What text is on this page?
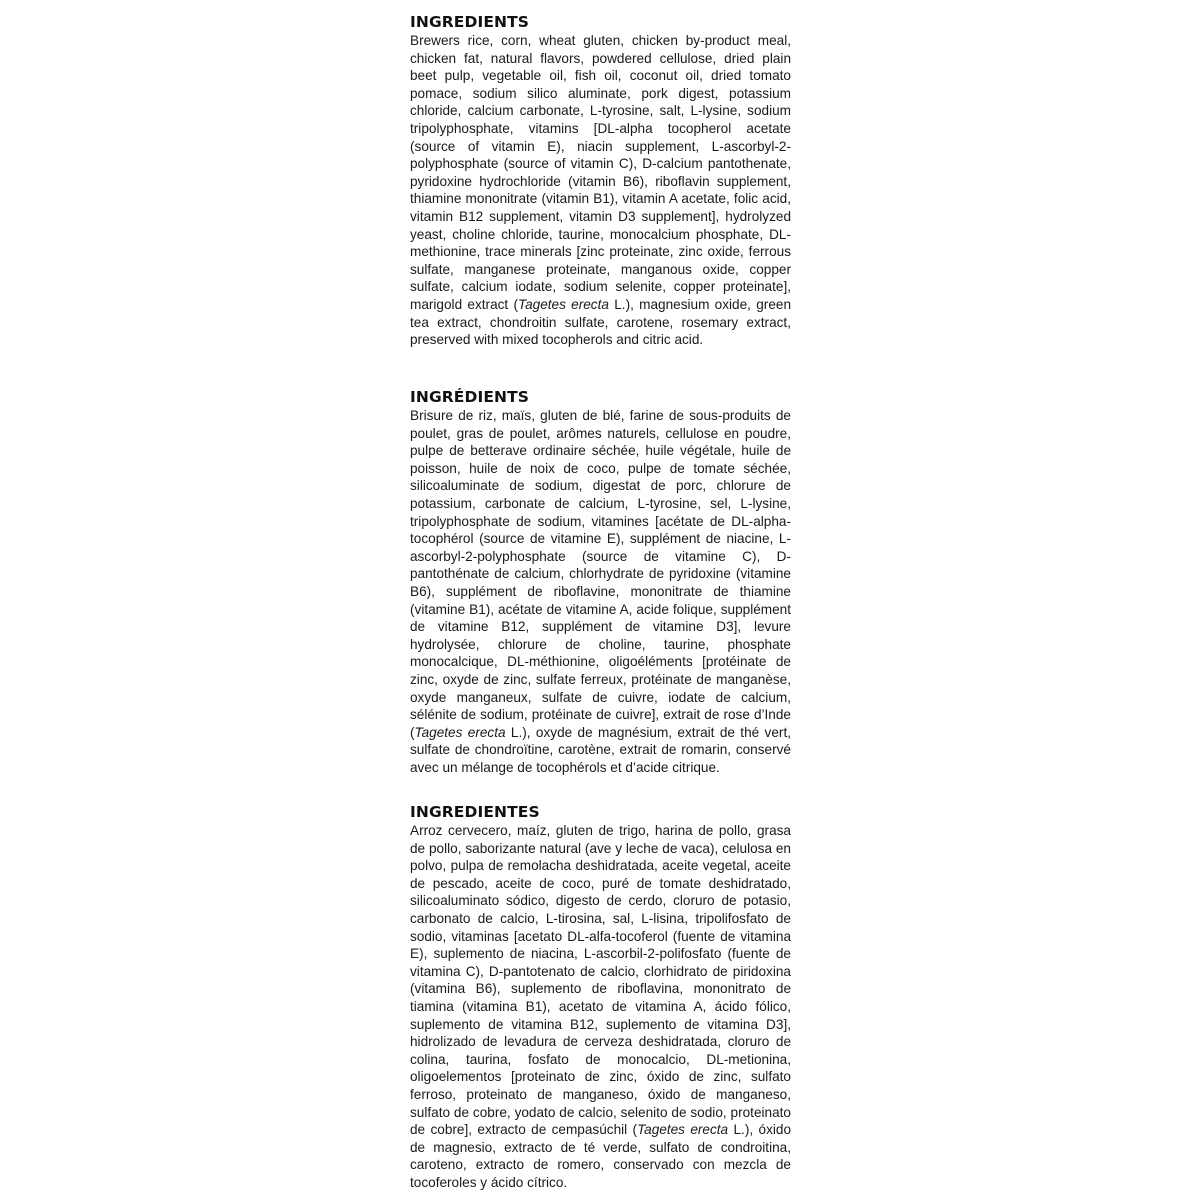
INGREDIENTS

Brewers rice, corn, wheat gluten, chicken by-product meal, chicken fat, natural flavors, powdered cellulose, dried plain beet pulp, vegetable oil, fish oil, coconut oil, dried tomato pomace, sodium silico aluminate, pork digest, potassium chloride, calcium carbonate, L-tyrosine, salt, L-lysine, sodium tripolyphosphate, vitamins [DL-alpha tocopherol acetate (source of vitamin E), niacin supplement, L-ascorbyl-2-polyphosphate (source of vitamin C), D-calcium pantothenate, pyridoxine hydrochloride (vitamin B6), riboflavin supplement, thiamine mononitrate (vitamin B1), vitamin A acetate, folic acid, vitamin B12 supplement, vitamin D3 supplement], hydrolyzed yeast, choline chloride, taurine, monocalcium phosphate, DL-methionine, trace minerals [zinc proteinate, zinc oxide, ferrous sulfate, manganese proteinate, manganous oxide, copper sulfate, calcium iodate, sodium selenite, copper proteinate], marigold extract (Tagetes erecta L.), magnesium oxide, green tea extract, chondroitin sulfate, carotene, rosemary extract, preserved with mixed tocopherols and citric acid.

INGRÉDIENTS

Brisure de riz, maïs, gluten de blé, farine de sous-produits de poulet, gras de poulet, arômes naturels, cellulose en poudre, pulpe de betterave ordinaire séchée, huile végétale, huile de poisson, huile de noix de coco, pulpe de tomate séchée, silicoaluminate de sodium, digestat de porc, chlorure de potassium, carbonate de calcium, L-tyrosine, sel, L-lysine, tripolyphosphate de sodium, vitamines [acétate de DL-alpha-tocophérol (source de vitamine E), supplément de niacine, L-ascorbyl-2-polyphosphate (source de vitamine C), D-pantothénate de calcium, chlorhydrate de pyridoxine (vitamine B6), supplément de riboflavine, mononitrate de thiamine (vitamine B1), acétate de vitamine A, acide folique, supplément de vitamine B12, supplément de vitamine D3], levure hydrolysée, chlorure de choline, taurine, phosphate monocalcique, DL-méthionine, oligoéléments [protéinate de zinc, oxyde de zinc, sulfate ferreux, protéinate de manganèse, oxyde manganeux, sulfate de cuivre, iodate de calcium, sélénite de sodium, protéinate de cuivre], extrait de rose d’Inde (Tagetes erecta L.), oxyde de magnésium, extrait de thé vert, sulfate de chondroïtine, carotène, extrait de romarin, conservé avec un mélange de tocophérols et d’acide citrique.

INGREDIENTES

Arroz cervecero, maíz, gluten de trigo, harina de pollo, grasa de pollo, saborizante natural (ave y leche de vaca), celulosa en polvo, pulpa de remolacha deshidratada, aceite vegetal, aceite de pescado, aceite de coco, puré de tomate deshidratado, silicoaluminato sódico, digesto de cerdo, cloruro de potasio, carbonato de calcio, L-tirosina, sal, L-lisina, tripolifosfato de sodio, vitaminas [acetato DL-alfa-tocoferol (fuente de vitamina E), suplemento de niacina, L-ascorbil-2-polifosfato (fuente de vitamina C), D-pantotenato de calcio, clorhidrato de piridoxina (vitamina B6), suplemento de riboflavina, mononitrato de tiamina (vitamina B1), acetato de vitamina A, ácido fólico, suplemento de vitamina B12, suplemento de vitamina D3], hidrolizado de levadura de cerveza deshidratada, cloruro de colina, taurina, fosfato de monocalcio, DL-metionina, oligoelementos [proteinato de zinc, óxido de zinc, sulfato ferroso, proteinato de manganeso, óxido de manganeso, sulfato de cobre, yodato de calcio, selenito de sodio, proteinato de cobre], extracto de cempasúchil (Tagetes erecta L.), óxido de magnesio, extracto de té verde, sulfato de condroitina, caroteno, extracto de romero, conservado con mezcla de tocoferoles y ácido cítrico.
